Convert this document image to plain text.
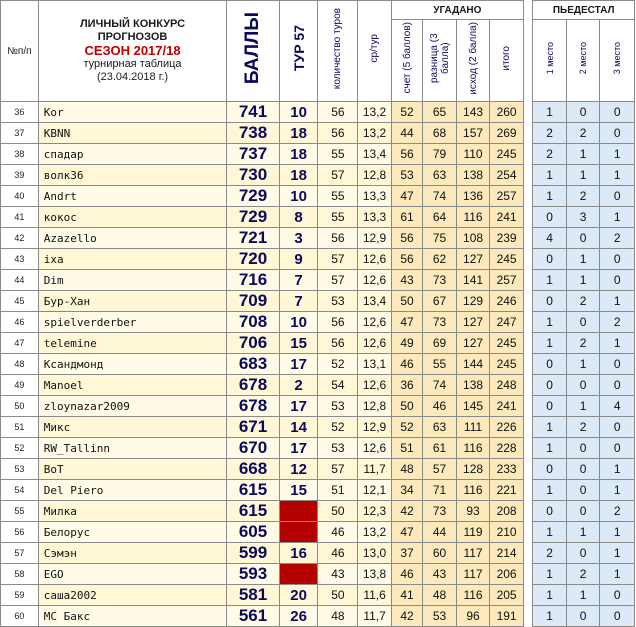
№п/п	ЛИЧНЫЙ КОНКУРС
ПРОГНОЗОВ
СЕЗОН 2017/18
турнирная таблица
(23.04.2018 г.)	БАЛЛЫ	ТУР 57	количество туров	ср/тур	УГАДАНО					ПЬЕДЕСТАЛ		
						счет (5 баллов)	разница (3 балла)	исход (2 балла)	итого		1 место	2 место	3 место
36	Kor	741	10	56	13,2	52	65	143	260		1	0	0
37	KBNN	738	18	56	13,2	44	68	157	269		2	2	0
38	спадар	737	18	55	13,4	56	79	110	245		2	1	1
39	волк36	730	18	57	12,8	53	63	138	254		1	1	1
40	Andrt	729	10	55	13,3	47	74	136	257		1	2	0
41	кокос	729	8	55	13,3	61	64	116	241		0	3	1
42	Azazello	721	3	56	12,9	56	75	108	239		4	0	2
43	ixa	720	9	57	12,6	56	62	127	245		0	1	0
44	Dim	716	7	57	12,6	43	73	141	257		1	1	0
45	Бур-Хан	709	7	53	13,4	50	67	129	246		0	2	1
46	spielverderber	708	10	56	12,6	47	73	127	247		1	0	2
47	telemine	706	15	56	12,6	49	69	127	245		1	2	1
48	Ксандмонд	683	17	52	13,1	46	55	144	245		0	1	0
49	Manoel	678	2	54	12,6	36	74	138	248		0	0	0
50	zloynazar2009	678	17	53	12,8	50	46	145	241		0	1	4
51	Микс	671	14	52	12,9	52	63	111	226		1	2	0
52	RW_Tallinn	670	17	53	12,6	51	61	116	228		1	0	0
53	BoT	668	12	57	11,7	48	57	128	233		0	0	1
54	Del Piero	615	15	51	12,1	34	71	116	221		1	0	1
55	Милка	615		50	12,3	42	73	93	208		0	0	2
56	Белорус	605		46	13,2	47	44	119	210		1	1	1
57	Сэмэн	599	16	46	13,0	37	60	117	214		2	0	1
58	EGO	593		43	13,8	46	43	117	206		1	2	1
59	саша2002	581	20	50	11,6	41	48	116	205		1	1	0
60	MC Бакс	561	26	48	11,7	42	53	96	191		1	0	0
